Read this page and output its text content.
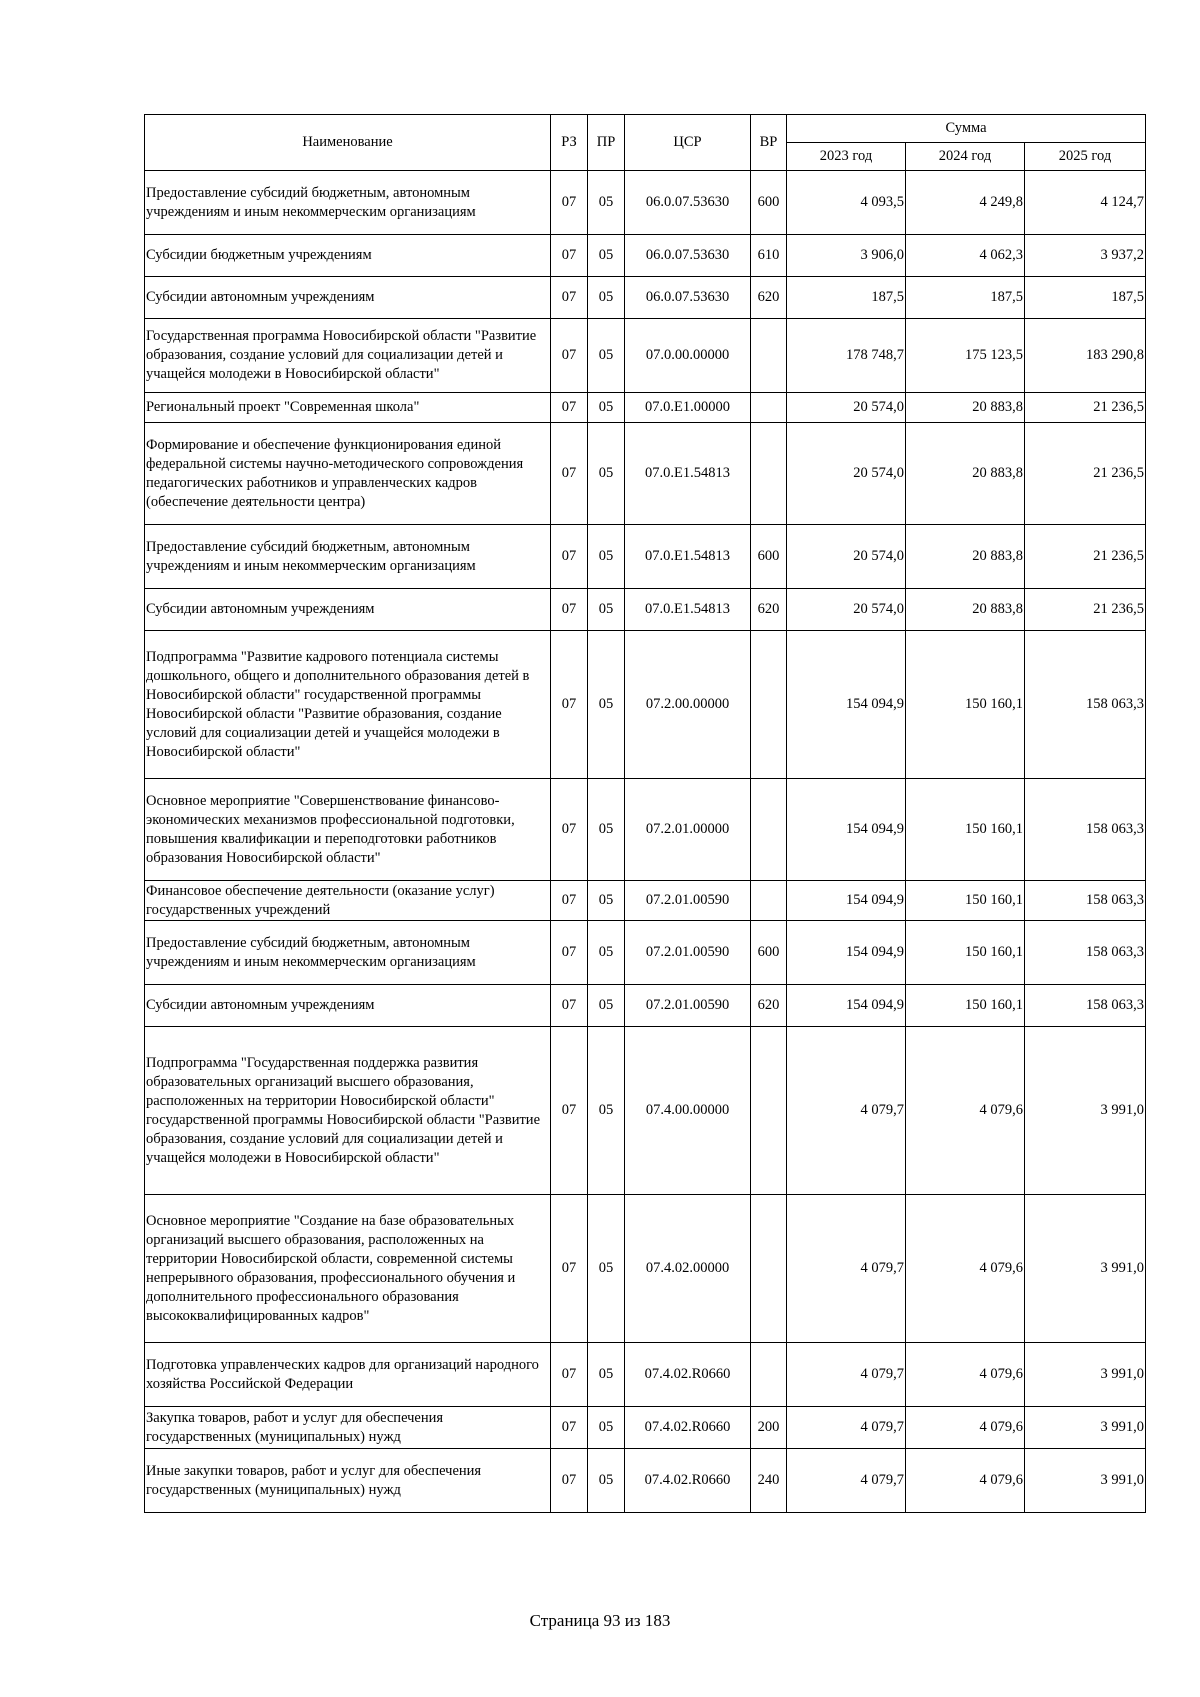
Наименование	РЗ	ПР	ЦСР	ВР	Сумма		
					2023 год	2024 год	2025 год
Предоставление субсидий бюджетным, автономным учреждениям и иным некоммерческим организациям	07	05	06.0.07.53630	600	4 093,5	4 249,8	4 124,7
Субсидии бюджетным учреждениям	07	05	06.0.07.53630	610	3 906,0	4 062,3	3 937,2
Субсидии автономным учреждениям	07	05	06.0.07.53630	620	187,5	187,5	187,5
Государственная программа Новосибирской области "Развитие образования, создание условий для социализации детей и учащейся молодежи в Новосибирской области"	07	05	07.0.00.00000		178 748,7	175 123,5	183 290,8
Региональный проект "Современная школа"	07	05	07.0.E1.00000		20 574,0	20 883,8	21 236,5
Формирование и обеспечение функционирования единой федеральной системы научно-методического сопровождения педагогических работников и управленческих кадров (обеспечение деятельности центра)	07	05	07.0.E1.54813		20 574,0	20 883,8	21 236,5
Предоставление субсидий бюджетным, автономным учреждениям и иным некоммерческим организациям	07	05	07.0.E1.54813	600	20 574,0	20 883,8	21 236,5
Субсидии автономным учреждениям	07	05	07.0.E1.54813	620	20 574,0	20 883,8	21 236,5
Подпрограмма "Развитие кадрового потенциала системы дошкольного, общего и дополнительного образования детей в Новосибирской области" государственной программы Новосибирской области "Развитие образования, создание условий для социализации детей и учащейся молодежи в Новосибирской области"	07	05	07.2.00.00000		154 094,9	150 160,1	158 063,3
Основное мероприятие "Совершенствование финансово-экономических механизмов профессиональной подготовки, повышения квалификации и переподготовки работников образования Новосибирской области"	07	05	07.2.01.00000		154 094,9	150 160,1	158 063,3
Финансовое обеспечение деятельности (оказание услуг) государственных учреждений	07	05	07.2.01.00590		154 094,9	150 160,1	158 063,3
Предоставление субсидий бюджетным, автономным учреждениям и иным некоммерческим организациям	07	05	07.2.01.00590	600	154 094,9	150 160,1	158 063,3
Субсидии автономным учреждениям	07	05	07.2.01.00590	620	154 094,9	150 160,1	158 063,3
Подпрограмма "Государственная поддержка развития образовательных организаций высшего образования, расположенных на территории Новосибирской области" государственной программы Новосибирской области "Развитие образования, создание условий для социализации детей и учащейся молодежи в Новосибирской области"	07	05	07.4.00.00000		4 079,7	4 079,6	3 991,0
Основное мероприятие "Создание на базе образовательных организаций высшего образования, расположенных на территории Новосибирской области, современной системы непрерывного образования, профессионального обучения и дополнительного профессионального образования высококвалифицированных кадров"	07	05	07.4.02.00000		4 079,7	4 079,6	3 991,0
Подготовка управленческих кадров для организаций народного хозяйства Российской Федерации	07	05	07.4.02.R0660		4 079,7	4 079,6	3 991,0
Закупка товаров, работ и услуг для обеспечения государственных (муниципальных) нужд	07	05	07.4.02.R0660	200	4 079,7	4 079,6	3 991,0
Иные закупки товаров, работ и услуг для обеспечения государственных (муниципальных) нужд	07	05	07.4.02.R0660	240	4 079,7	4 079,6	3 991,0
Страница 93 из 183
